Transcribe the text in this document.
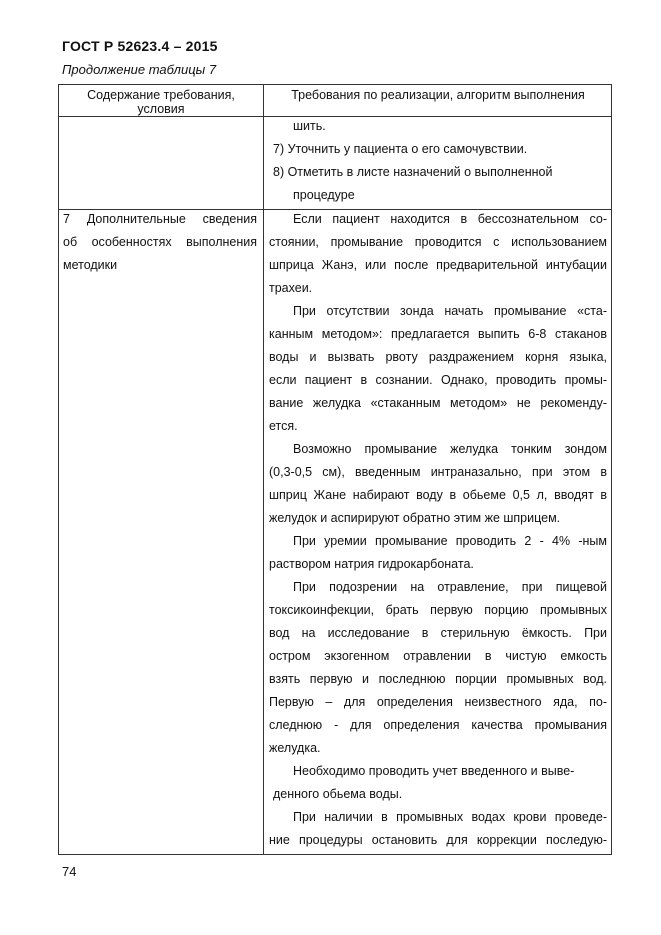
ГОСТ Р 52623.4 – 2015
Продолжение таблицы 7
Содержание требования, условия
Требования по реализации, алгоритм выполнения
шить.
7) Уточнить у пациента о его самочувствии.
8) Отметить в листе назначений о выполненной
процедуре
7 Дополнительные сведения
об особенностях выполнения
методики
Если пациент находится в бессознательном со-
стоянии, промывание проводится с использованием
шприца Жанэ, или после предварительной интубации
трахеи.
При отсутствии зонда начать промывание «ста-
канным методом»: предлагается выпить 6-8 стаканов
воды и вызвать рвоту раздражением корня языка,
если пациент в сознании. Однако, проводить промы-
вание желудка «стаканным методом» не рекоменду-
ется.
Возможно промывание желудка тонким зондом
(0,3-0,5 см), введенным интраназально, при этом в
шприц Жане набирают воду в обьеме 0,5 л, вводят в
желудок и аспирируют обратно этим же шприцем.
При уремии промывание проводить 2 - 4% -ным
раствором натрия гидрокарбоната.
При подозрении на отравление, при пищевой
токсикоинфекции, брать первую порцию промывных
вод на исследование в стерильную ёмкость. При
остром экзогенном отравлении в чистую емкость
взять первую и последнюю порции промывных вод.
Первую – для определения неизвестного яда, по-
следнюю - для определения качества промывания
желудка.
Необходимо проводить учет введенного и выве-
денного обьема воды.
При наличии в промывных водах крови проведе-
ние процедуры остановить для коррекции последую-
74
